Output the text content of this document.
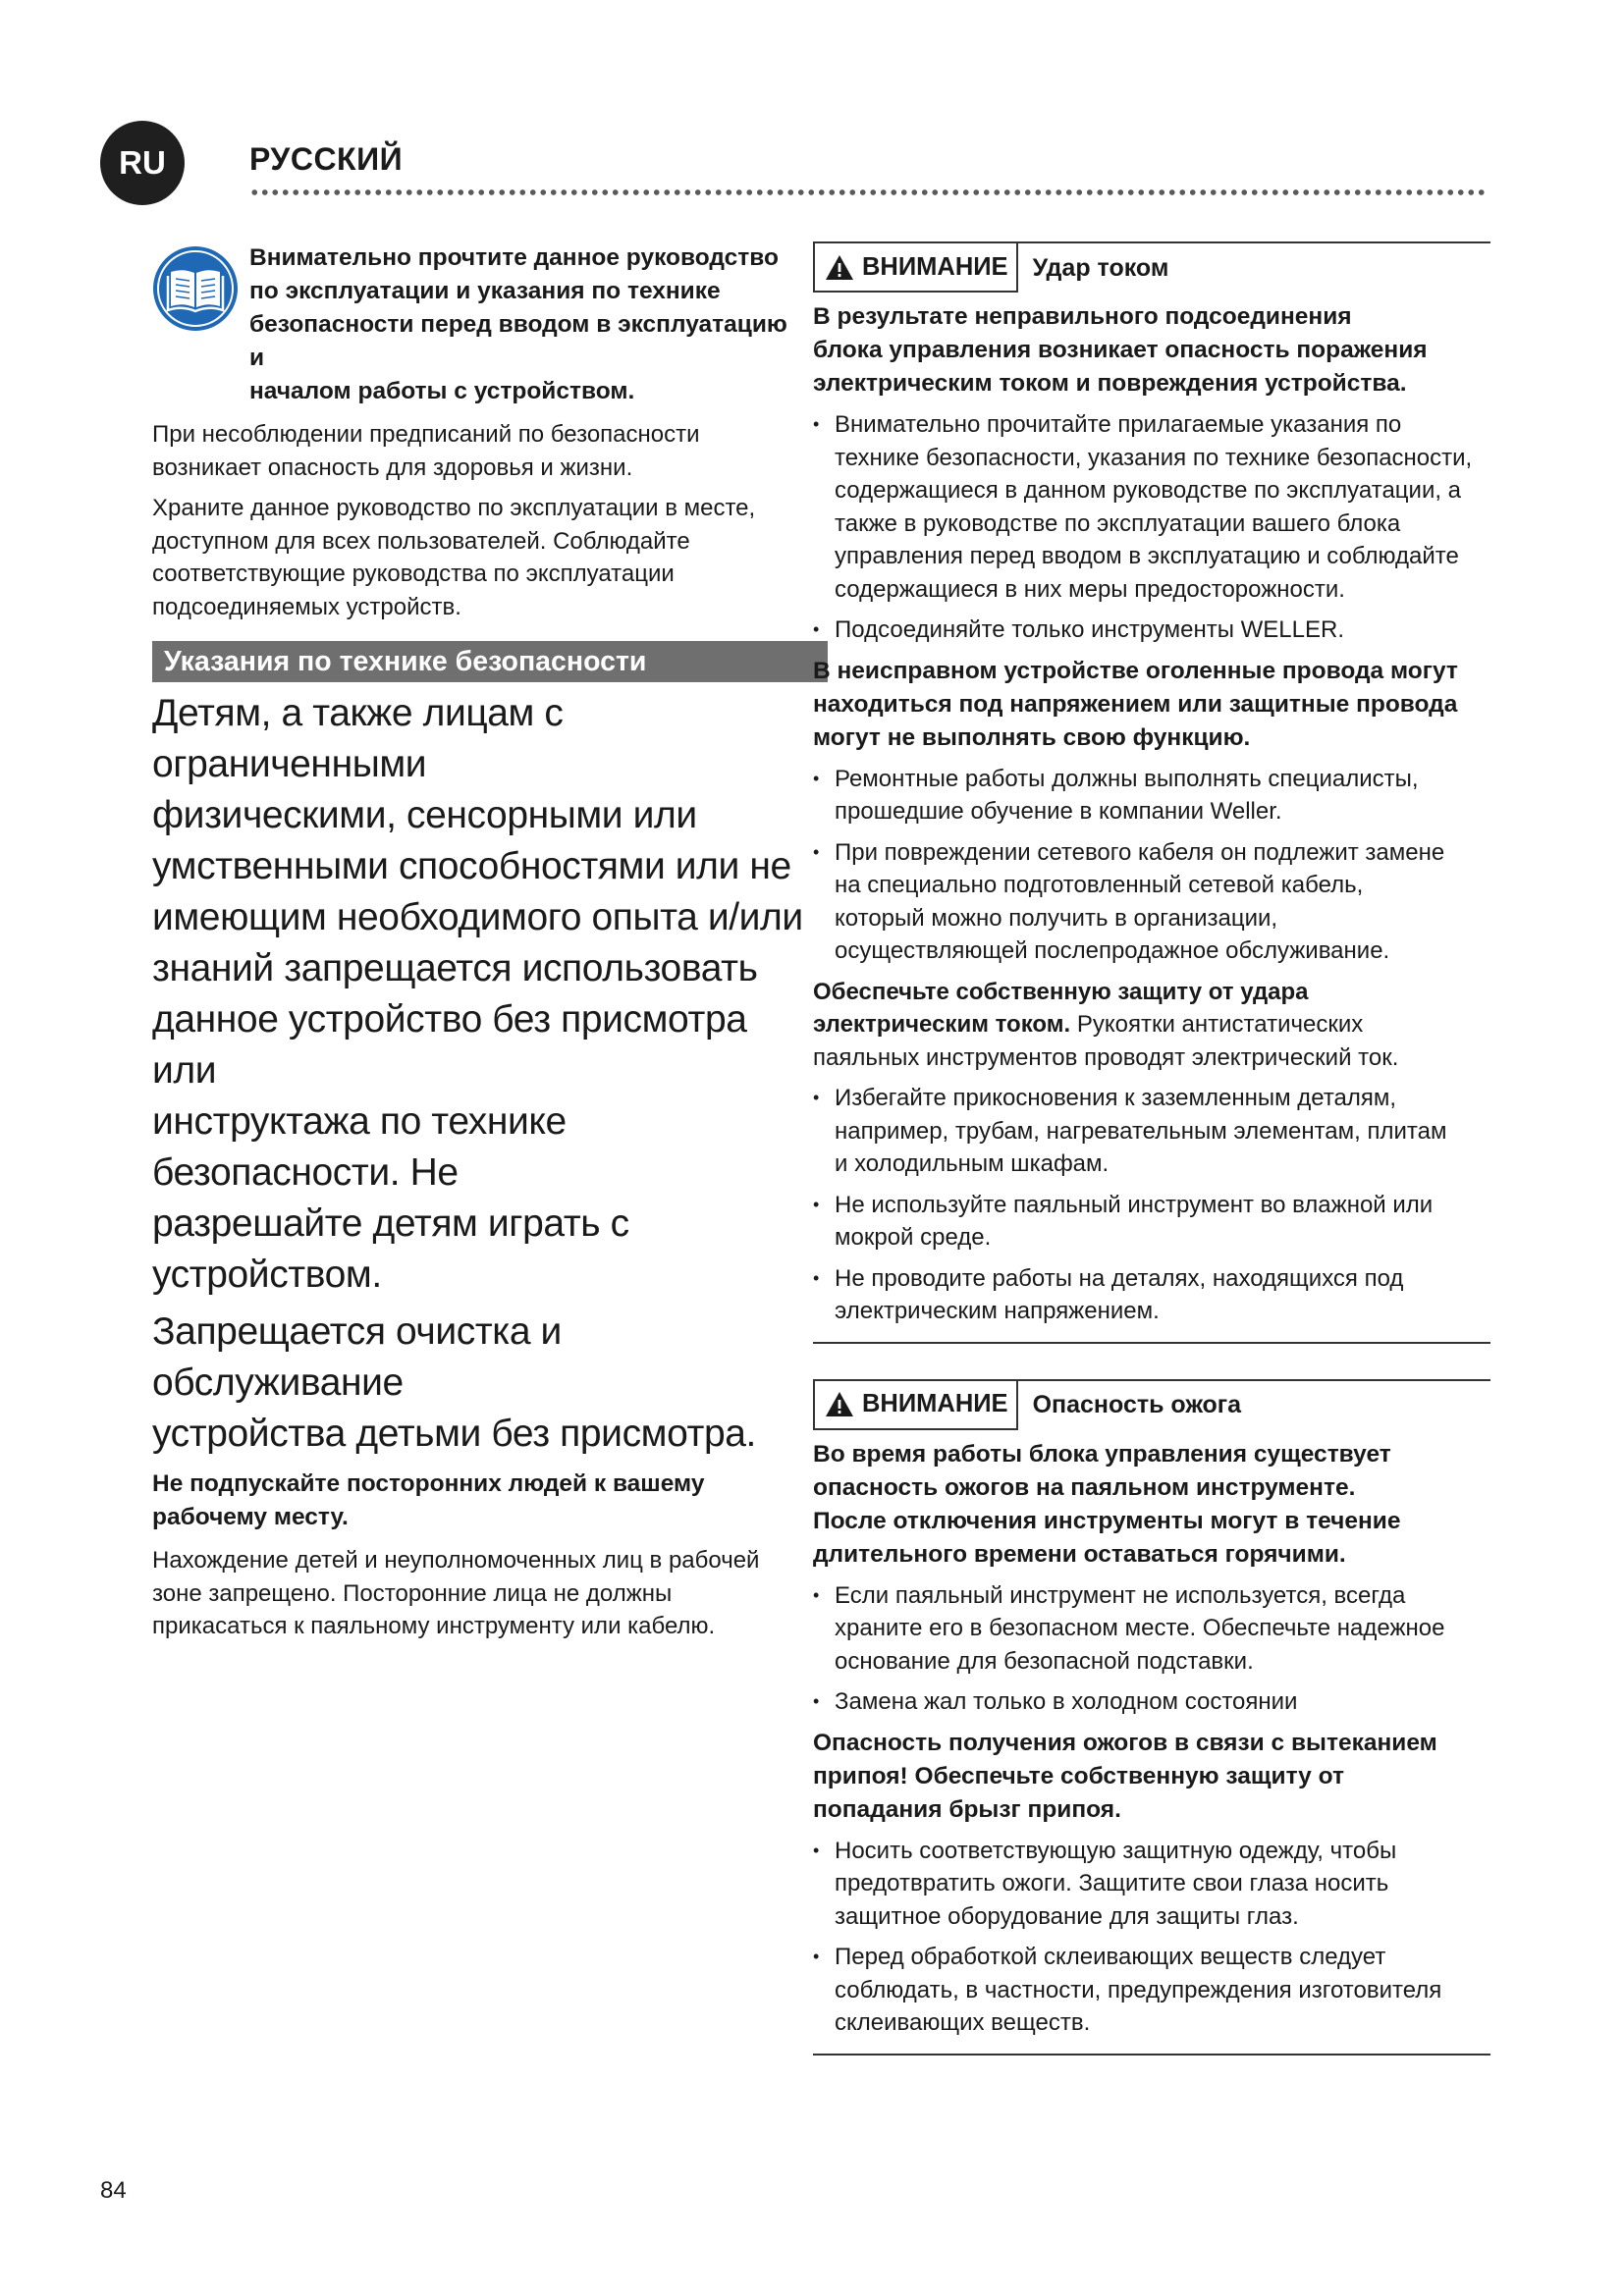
RU	РУССКИЙ
Внимательно прочтите данное руководство
по эксплуатации и указания по технике
безопасности перед вводом в эксплуатацию и
началом работы с устройством.

При несоблюдении предписаний по безопасности
возникает опасность для здоровья и жизни.

Храните данное руководство по эксплуатации в месте,
доступном для всех пользователей. Соблюдайте
соответствующие руководства по эксплуатации
подсоединяемых устройств.

Указания по технике безопасности

Детям, а также лицам с ограниченными
физическими, сенсорными или
умственными способностями или не
имеющим необходимого опыта и/или
знаний запрещается использовать
данное устройство без присмотра или
инструктажа по технике безопасности. Не
разрешайте детям играть с устройством.

Запрещается очистка и обслуживание
устройства детьми без присмотра.

Не подпускайте посторонних людей к вашему
рабочему месту.

Нахождение детей и неуполномоченных лиц в рабочей
зоне запрещено. Посторонние лица не должны
прикасаться к паяльному инструменту или кабелю.

ВНИМАНИЕ	Удар током

В результате неправильного подсоединения
блока управления возникает опасность поражения
электрическим током и повреждения устройства.

• Внимательно прочитайте прилагаемые указания по
технике безопасности, указания по технике безопасности,
содержащиеся в данном руководстве по эксплуатации, а
также в руководстве по эксплуатации вашего блока
управления перед вводом в эксплуатацию и соблюдайте
содержащиеся в них меры предосторожности.
• Подсоединяйте только инструменты WELLER.

В неисправном устройстве оголенные провода могут
находиться под напряжением или защитные провода
могут не выполнять свою функцию.

• Ремонтные работы должны выполнять специалисты,
прошедшие обучение в компании Weller.
• При повреждении сетевого кабеля он подлежит замене
на специально подготовленный сетевой кабель,
который можно получить в организации,
осуществляющей послепродажное обслуживание.

Обеспечьте собственную защиту от удара
электрическим током. Рукоятки антистатических
паяльных инструментов проводят электрический ток.

• Избегайте прикосновения к заземленным деталям,
например, трубам, нагревательным элементам, плитам
и холодильным шкафам.
• Не используйте паяльный инструмент во влажной или
мокрой среде.
• Не проводите работы на деталях, находящихся под
электрическим напряжением.
ВНИМАНИЕ	Опасность ожога

Во время работы блока управления существует
опасность ожогов на паяльном инструменте.
После отключения инструменты могут в течение
длительного времени оставаться горячими.

• Если паяльный инструмент не используется, всегда
храните его в безопасном месте. Обеспечьте надежное
основание для безопасной подставки.
• Замена жал только в холодном состоянии

Опасность получения ожогов в связи с вытеканием
припоя! Обеспечьте собственную защиту от
попадания брызг припоя.

• Носить соответствующую защитную одежду, чтобы
предотвратить ожоги. Защитите свои глаза носить
защитное оборудование для защиты глаз.
• Перед обработкой склеивающих веществ следует
соблюдать, в частности, предупреждения изготовителя
склеивающих веществ.
84
